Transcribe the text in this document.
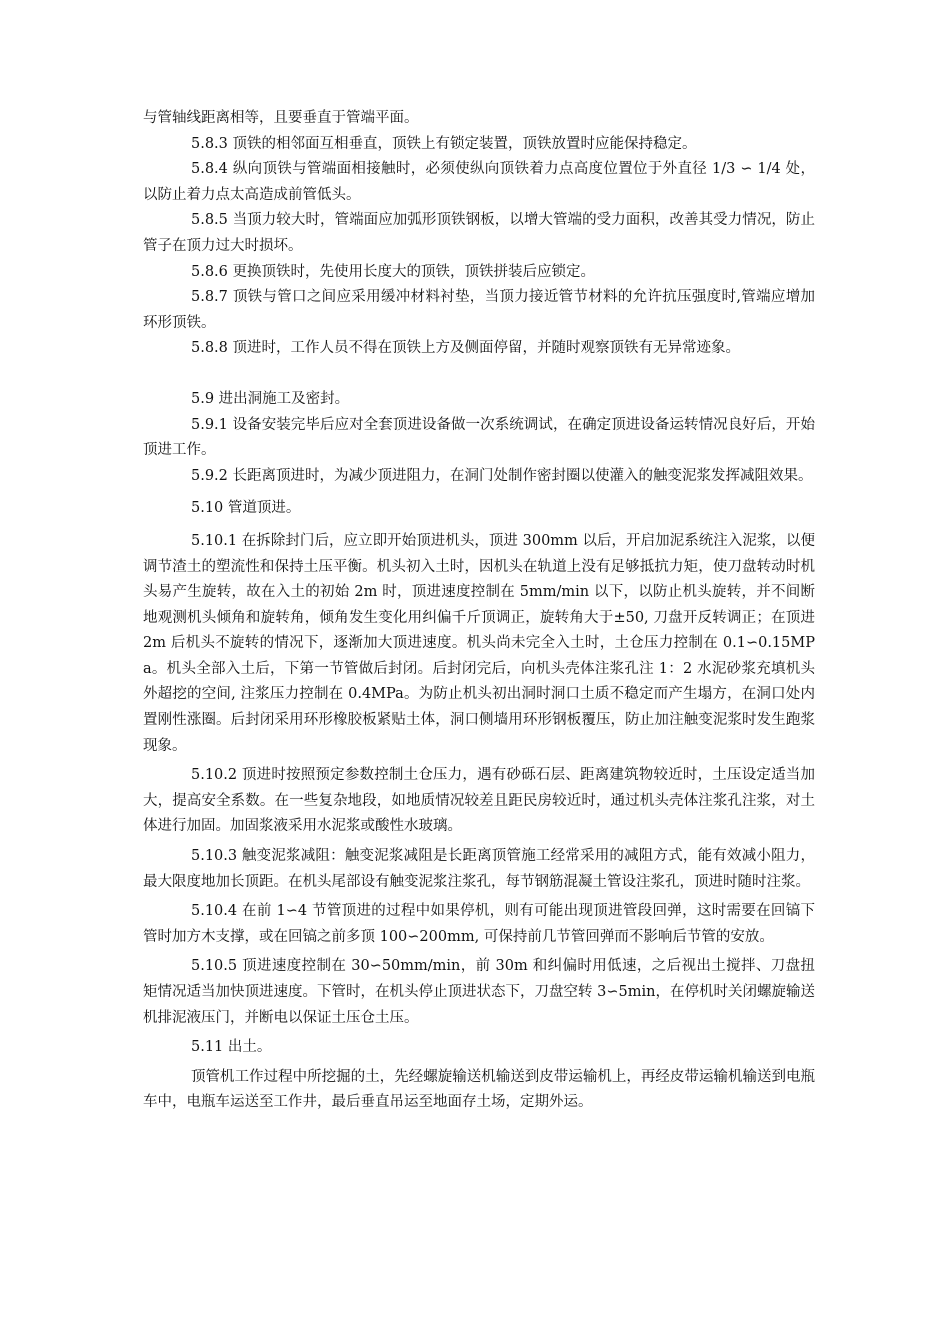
与管轴线距离相等，且要垂直于管端平面。

5.8.3 顶铁的相邻面互相垂直，顶铁上有锁定装置，顶铁放置时应能保持稳定。

5.8.4 纵向顶铁与管端面相接触时，必须使纵向顶铁着力点高度位置位于外直径 1/3 ∽ 1/4 处，以防止着力点太高造成前管低头。

5.8.5 当顶力较大时，管端面应加弧形顶铁钢板，以增大管端的受力面积，改善其受力情况，防止管子在顶力过大时损坏。

5.8.6 更换顶铁时，先使用长度大的顶铁，顶铁拼装后应锁定。

5.8.7 顶铁与管口之间应采用缓冲材料衬垫，当顶力接近管节材料的允许抗压强度时,管端应增加环形顶铁。

5.8.8 顶进时，工作人员不得在顶铁上方及侧面停留，并随时观察顶铁有无异常迹象。

5.9 进出洞施工及密封。

5.9.1 设备安装完毕后应对全套顶进设备做一次系统调试，在确定顶进设备运转情况良好后，开始顶进工作。

5.9.2 长距离顶进时，为减少顶进阻力，在洞门处制作密封圈以使灌入的触变泥浆发挥减阻效果。

5.10 管道顶进。

5.10.1 在拆除封门后，应立即开始顶进机头，顶进 300mm 以后，开启加泥系统注入泥浆，以便调节渣土的塑流性和保持土压平衡。机头初入土时，因机头在轨道上没有足够抵抗力矩，使刀盘转动时机头易产生旋转，故在入土的初始 2m 时，顶进速度控制在 5mm/min 以下，以防止机头旋转，并不间断地观测机头倾角和旋转角，倾角发生变化用纠偏千斤顶调正，旋转角大于±50, 刀盘开反转调正；在顶进 2m 后机头不旋转的情况下，逐渐加大顶进速度。机头尚未完全入土时，土仓压力控制在 0.1∽0.15MPa。机头全部入土后，下第一节管做后封闭。后封闭完后，向机头壳体注浆孔注 1：2 水泥砂浆充填机头外超挖的空间, 注浆压力控制在 0.4MPa。为防止机头初出洞时洞口土质不稳定而产生塌方，在洞口处内置刚性涨圈。后封闭采用环形橡胶板紧贴土体，洞口侧墙用环形钢板覆压，防止加注触变泥浆时发生跑浆现象。

5.10.2 顶进时按照预定参数控制土仓压力，遇有砂砾石层、距离建筑物较近时，土压设定适当加大，提高安全系数。在一些复杂地段，如地质情况较差且距民房较近时，通过机头壳体注浆孔注浆，对土体进行加固。加固浆液采用水泥浆或酸性水玻璃。

5.10.3 触变泥浆减阻：触变泥浆减阻是长距离顶管施工经常采用的减阻方式，能有效减小阻力，最大限度地加长顶距。在机头尾部设有触变泥浆注浆孔，每节钢筋混凝土管设注浆孔，顶进时随时注浆。

5.10.4 在前 1∽4 节管顶进的过程中如果停机，则有可能出现顶进管段回弹，这时需要在回镐下管时加方木支撑，或在回镐之前多顶 100∽200mm, 可保持前几节管回弹而不影响后节管的安放。

5.10.5 顶进速度控制在 30∽50mm/min，前 30m 和纠偏时用低速，之后视出土搅拌、刀盘扭矩情况适当加快顶进速度。下管时，在机头停止顶进状态下，刀盘空转 3∽5min，在停机时关闭螺旋输送机排泥液压门，并断电以保证土压仓土压。

5.11 出土。

顶管机工作过程中所挖掘的土，先经螺旋输送机输送到皮带运输机上，再经皮带运输机输送到电瓶车中，电瓶车运送至工作井，最后垂直吊运至地面存土场，定期外运。
